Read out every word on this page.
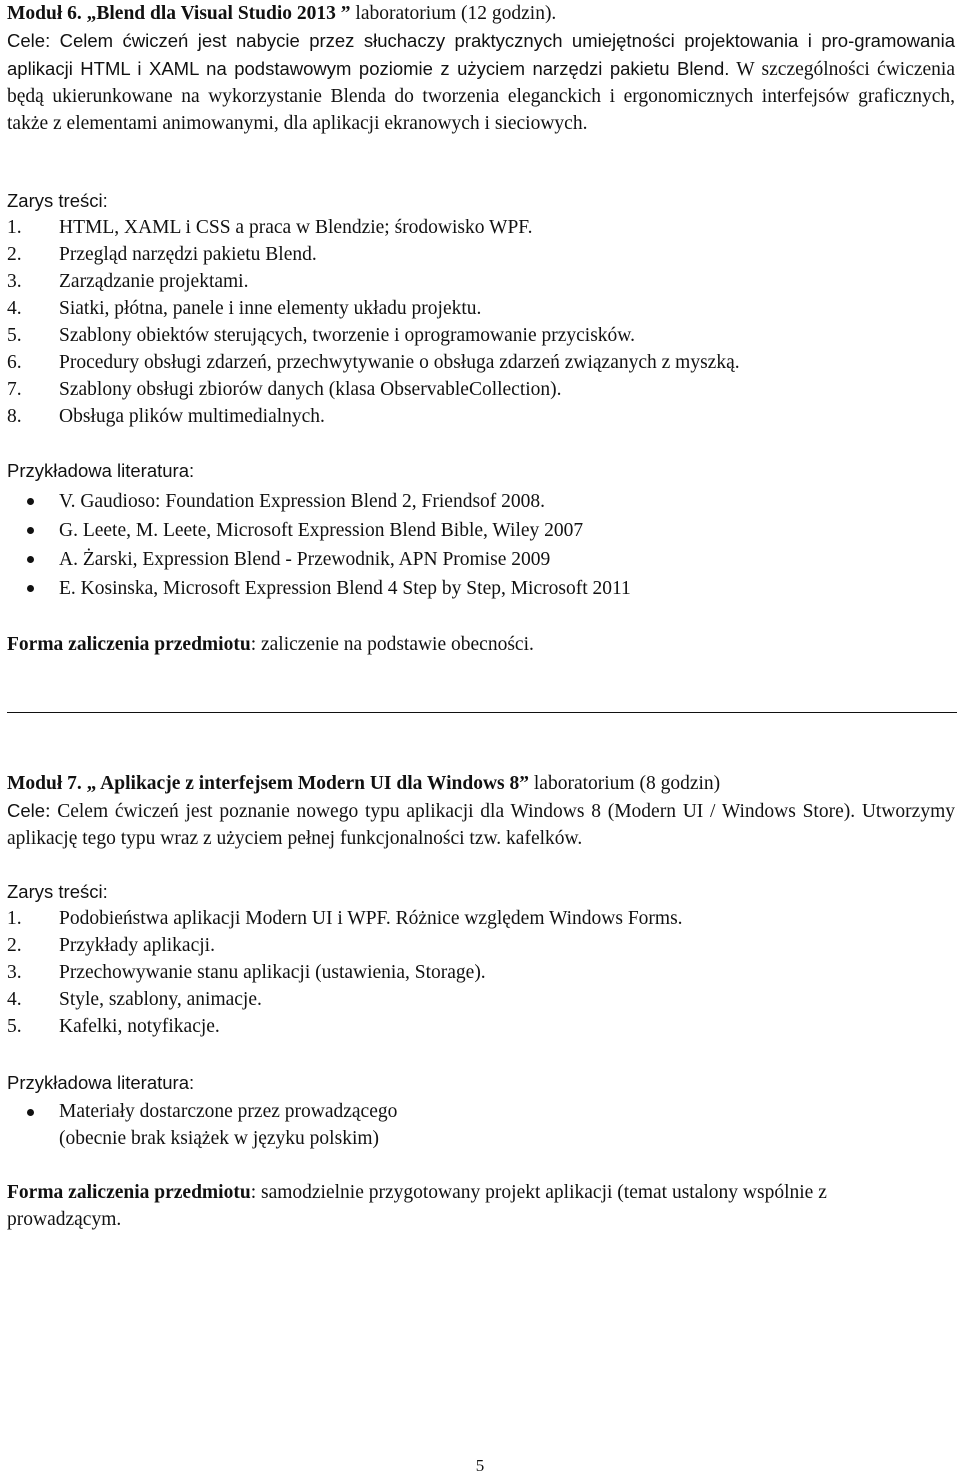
Moduł 6. „Blend dla Visual Studio 2013 ” laboratorium (12 godzin).

Cele: Celem ćwiczeń jest nabycie przez słuchaczy praktycznych umiejętności projektowania i pro-gramowania aplikacji HTML i XAML na podstawowym poziomie z użyciem narzędzi pakietu Blend. W szczególności ćwiczenia będą ukierunkowane na wykorzystanie Blenda do tworzenia eleganckich i ergonomicznych interfejsów graficznych, także z elementami animowanymi, dla aplikacji ekranowych i sieciowych.

Zarys treści:

1.	HTML, XAML i CSS a praca w Blendzie; środowisko WPF.
2.	Przegląd narzędzi pakietu Blend.
3.	Zarządzanie projektami.
4.	Siatki, płótna, panele i inne elementy układu projektu.
5.	Szablony obiektów sterujących, tworzenie i oprogramowanie przycisków.
6.	Procedury obsługi zdarzeń, przechwytywanie o obsługa zdarzeń związanych z myszką.
7.	Szablony obsługi zbiorów danych (klasa ObservableCollection).
8.	Obsługa plików multimedialnych.

Przykładowa literatura:

V. Gaudioso: Foundation Expression Blend 2, Friendsof 2008.
G. Leete, M. Leete, Microsoft Expression Blend Bible, Wiley 2007
A. Żarski, Expression Blend - Przewodnik, APN Promise 2009
E. Kosinska, Microsoft Expression Blend 4 Step by Step, Microsoft 2011

Forma zaliczenia przedmiotu: zaliczenie na podstawie obecności.

Moduł 7. „ Aplikacje z interfejsem Modern UI dla Windows 8” laboratorium (8 godzin)

Cele: Celem ćwiczeń jest poznanie nowego typu aplikacji dla Windows 8 (Modern UI / Windows Store). Utworzymy aplikację tego typu wraz z użyciem pełnej funkcjonalności tzw. kafelków.

Zarys treści:

1.	Podobieństwa aplikacji Modern UI i WPF. Różnice względem Windows Forms.
2.	Przykłady aplikacji.
3.	Przechowywanie stanu aplikacji (ustawienia, Storage).
4.	Style, szablony, animacje.
5.	Kafelki, notyfikacje.

Przykładowa literatura:

Materiały dostarczone przez prowadzącego
(obecnie brak książek w języku polskim)

Forma zaliczenia przedmiotu: samodzielnie przygotowany projekt aplikacji (temat ustalony wspólnie z prowadzącym.

5
